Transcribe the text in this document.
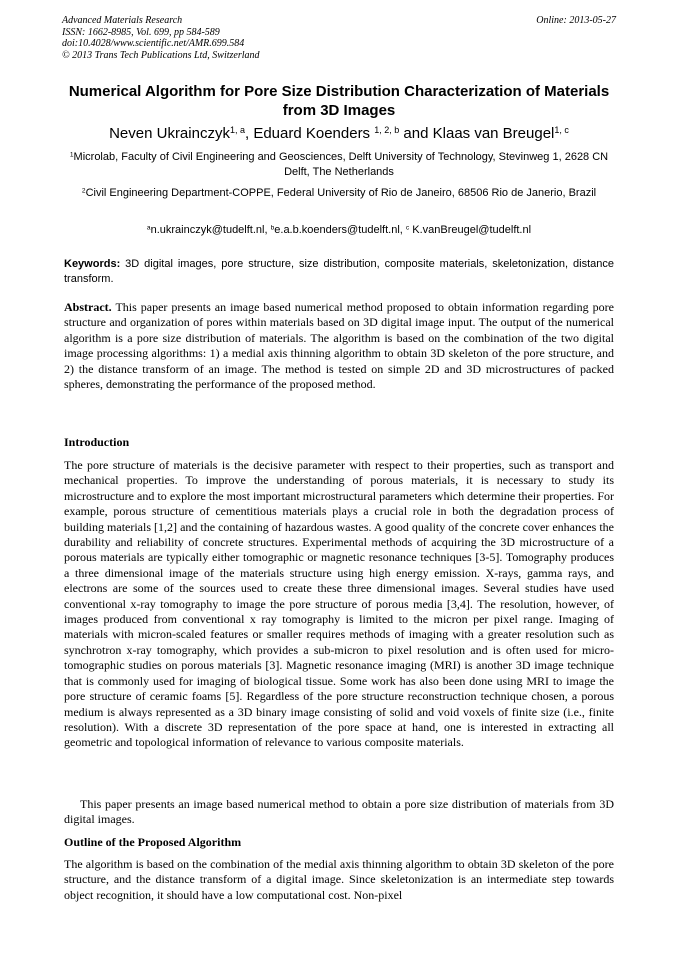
Advanced Materials Research
ISSN: 1662-8985, Vol. 699, pp 584-589
doi:10.4028/www.scientific.net/AMR.699.584
© 2013 Trans Tech Publications Ltd, Switzerland
Online: 2013-05-27
Numerical Algorithm for Pore Size Distribution Characterization of Materials from 3D Images
Neven Ukrainczyk$^{1, a}$, Eduard Koenders $^{1, 2, b}$ and Klaas van Breugel$^{1, c}$
$^1$Microlab, Faculty of Civil Engineering and Geosciences, Delft University of Technology, Stevinweg 1, 2628 CN Delft, The Netherlands
$^2$Civil Engineering Department-COPPE, Federal University of Rio de Janeiro, 68506 Rio de Janerio, Brazil
$^a$n.ukrainczyk@tudelft.nl, $^b$e.a.b.koenders@tudelft.nl, $^c$ K.vanBreugel@tudelft.nl
Keywords: 3D digital images, pore structure, size distribution, composite materials, skeletonization, distance transform.
Abstract. This paper presents an image based numerical method proposed to obtain information regarding pore structure and organization of pores within materials based on 3D digital image input. The output of the numerical algorithm is a pore size distribution of materials. The algorithm is based on the combination of the two digital image processing algorithms: 1) a medial axis thinning algorithm to obtain 3D skeleton of the pore structure, and 2) the distance transform of an image. The method is tested on simple 2D and 3D microstructures of packed spheres, demonstrating the performance of the proposed method.
Introduction
The pore structure of materials is the decisive parameter with respect to their properties, such as transport and mechanical properties. To improve the understanding of porous materials, it is necessary to study its microstructure and to explore the most important microstructural parameters which determine their properties. For example, porous structure of cementitious materials plays a crucial role in both the degradation process of building materials [1,2] and the containing of hazardous wastes. A good quality of the concrete cover enhances the durability and reliability of concrete structures. Experimental methods of acquiring the 3D microstructure of a porous materials are typically either tomographic or magnetic resonance techniques [3-5]. Tomography produces a three dimensional image of the materials structure using high energy emission. X-rays, gamma rays, and electrons are some of the sources used to create these three dimensional images. Several studies have used conventional x-ray tomography to image the pore structure of porous media [3,4]. The resolution, however, of images produced from conventional x ray tomography is limited to the micron per pixel range. Imaging of materials with micron-scaled features or smaller requires methods of imaging with a greater resolution such as synchrotron x-ray tomography, which provides a sub-micron to pixel resolution and is often used for micro-tomographic studies on porous materials [3]. Magnetic resonance imaging (MRI) is another 3D image technique that is commonly used for imaging of biological tissue. Some work has also been done using MRI to image the pore structure of ceramic foams [5]. Regardless of the pore structure reconstruction technique chosen, a porous medium is always represented as a 3D binary image consisting of solid and void voxels of finite size (i.e., finite resolution). With a discrete 3D representation of the pore space at hand, one is interested in extracting all geometric and topological information of relevance to various composite materials.
This paper presents an image based numerical method to obtain a pore size distribution of materials from 3D digital images.
Outline of the Proposed Algorithm
The algorithm is based on the combination of the medial axis thinning algorithm to obtain 3D skeleton of the pore structure, and the distance transform of a digital image. Since skeletonization is an intermediate step towards object recognition, it should have a low computational cost. Non-pixel
